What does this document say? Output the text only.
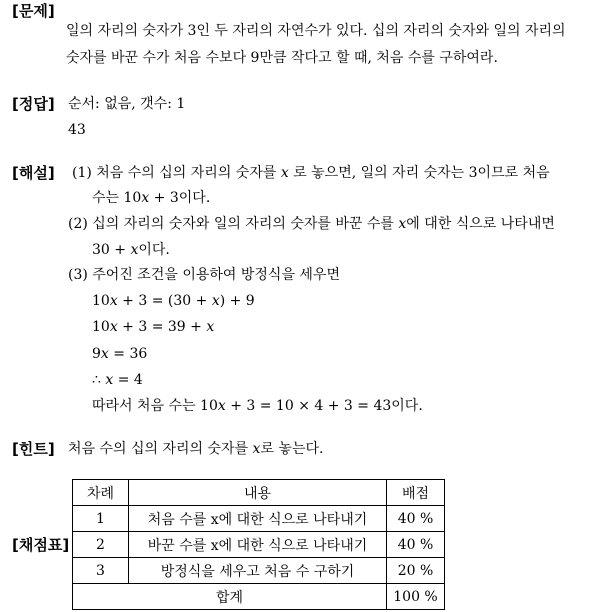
[문제]
[정답]
[해설]
[힌트]
[채점표]
일의 자리의 숫자가 3인 두 자리의 자연수가 있다. 십의 자리의 숫자와 일의 자리의
숫자를 바꾼 수가 처음 수보다 9만큼 작다고 할 때, 처음 수를 구하여라.
순서: 없음, 갯수: 1
43
(1) 처음 수의 십의 자리의 숫자를 x 로 놓으면, 일의 자리 숫자는 3이므로 처음
수는 10x + 3이다.
(2) 십의 자리의 숫자와 일의 자리의 숫자를 바꾼 수를 x에 대한 식으로 나타내면
30 + x이다.
(3) 주어진 조건을 이용하여 방정식을 세우면
10x + 3 = (30 + x) + 9
10x + 3 = 39 + x
9x = 36
∴ x = 4
따라서 처음 수는 10x + 3 = 10 × 4 + 3 = 43이다.
처음 수의 십의 자리의 숫자를 x로 놓는다.
차례	내용	배점
1	처음 수를 x에 대한 식으로 나타내기	40 %
2	바꾼 수를 x에 대한 식으로 나타내기	40 %
3	방정식을 세우고 처음 수 구하기	20 %
합계		100 %
